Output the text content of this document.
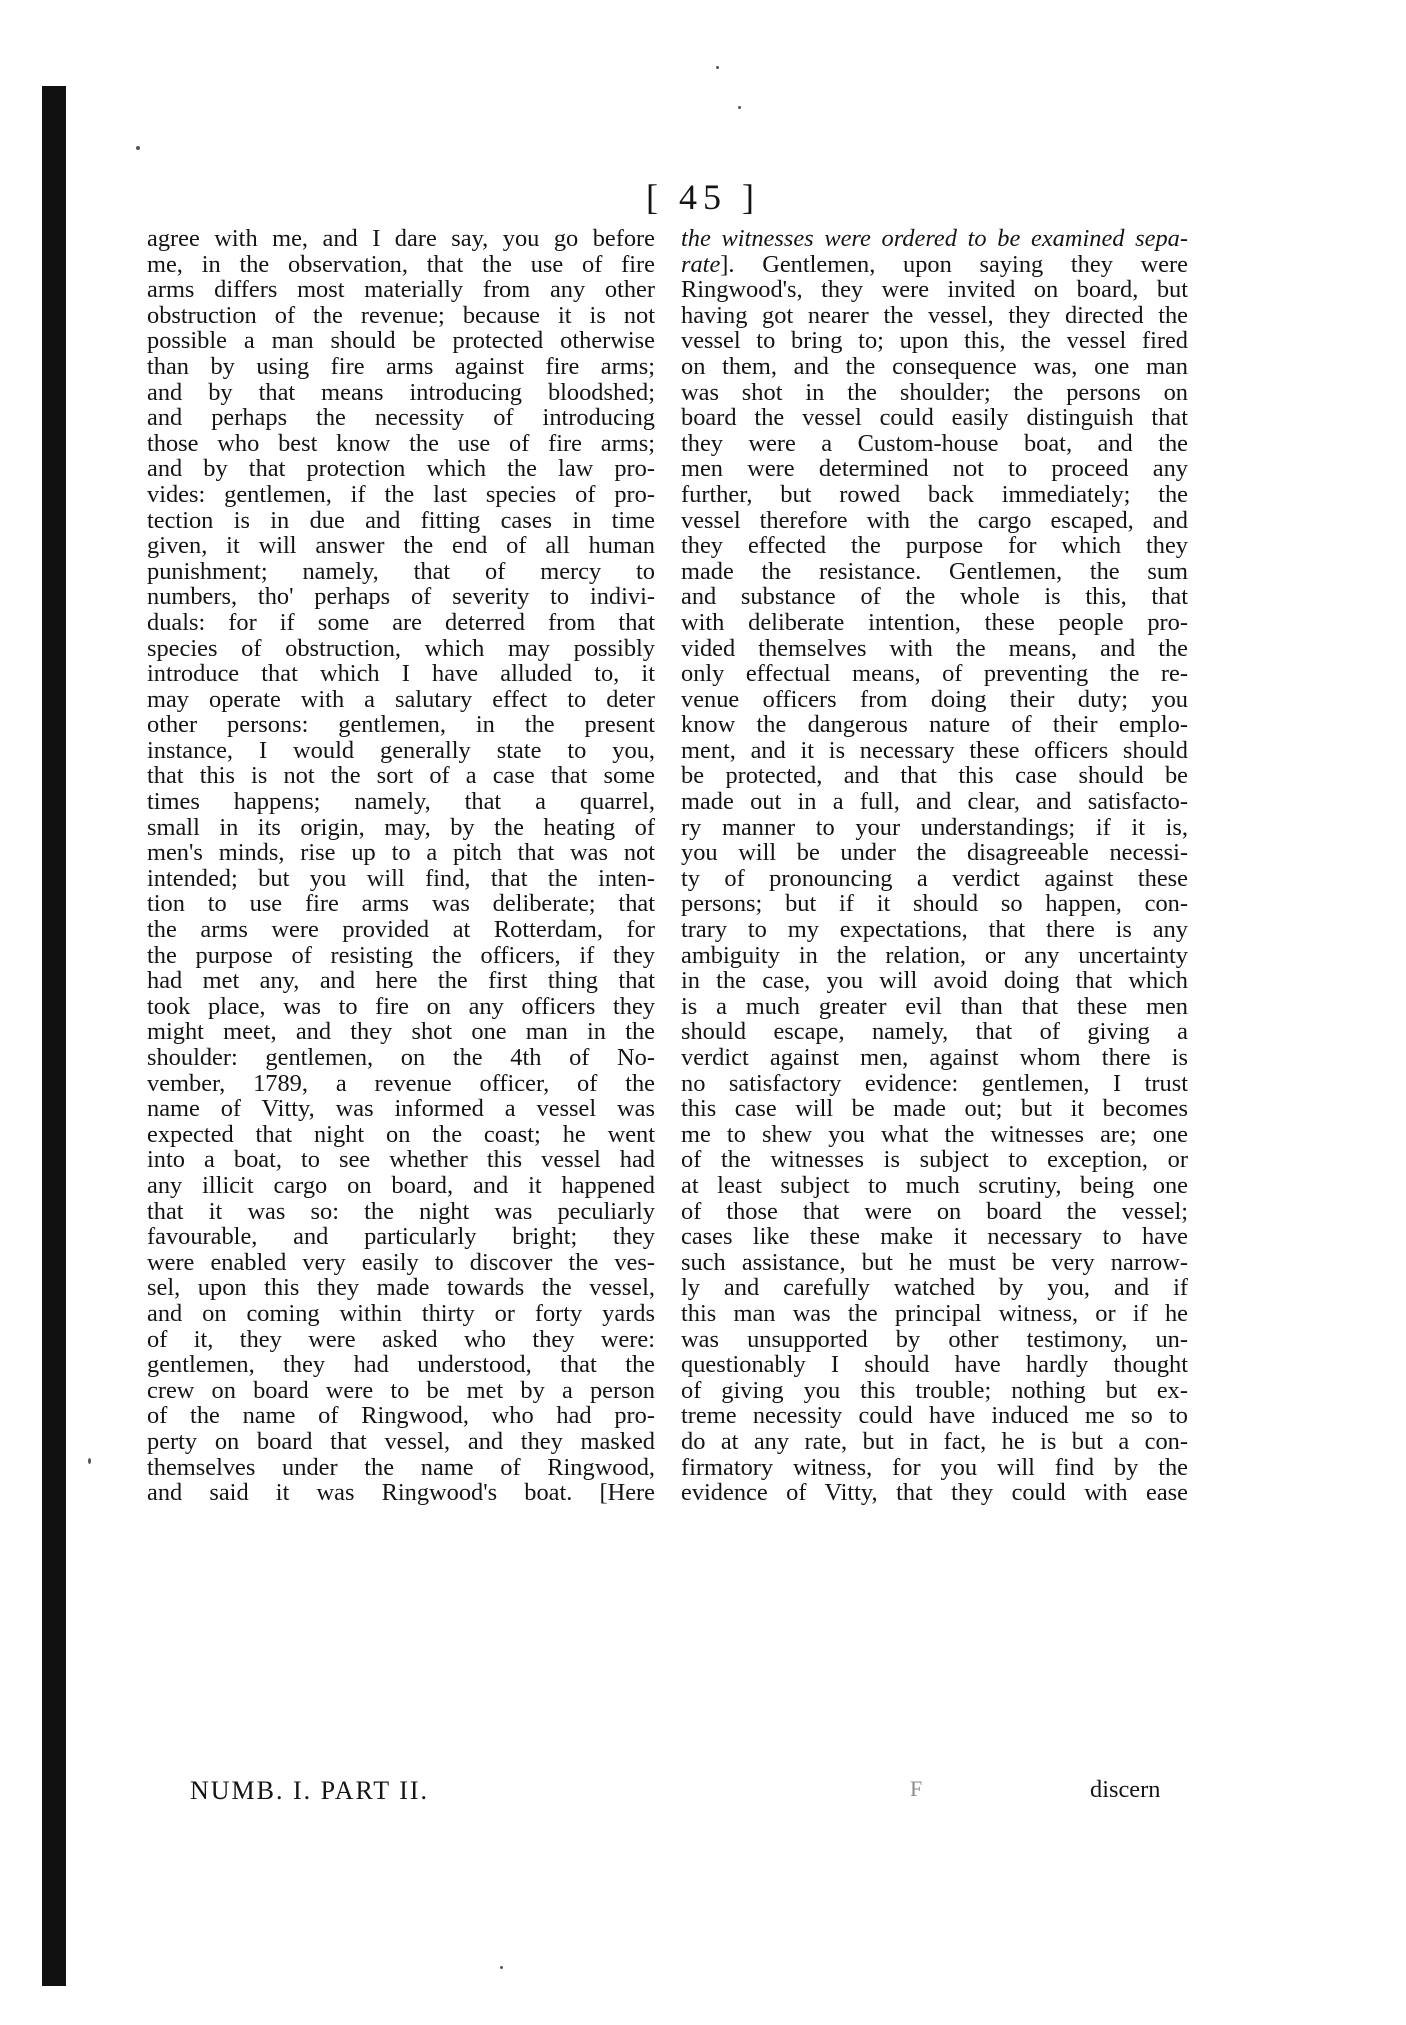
[ 45 ]
agree with me, and I dare say, you go before
me, in the observation, that the use of fire
arms differs most materially from any other
obstruction of the revenue; because it is not
possible a man should be protected otherwise
than by using fire arms against fire arms;
and by that means introducing bloodshed;
and perhaps the necessity of introducing
those who best know the use of fire arms;
and by that protection which the law pro-
vides: gentlemen, if the last species of pro-
tection is in due and fitting cases in time
given, it will answer the end of all human
punishment; namely, that of mercy to
numbers, tho' perhaps of severity to indivi-
duals: for if some are deterred from that
species of obstruction, which may possibly
introduce that which I have alluded to, it
may operate with a salutary effect to deter
other persons: gentlemen, in the present
instance, I would generally state to you,
that this is not the sort of a case that some
times happens; namely, that a quarrel,
small in its origin, may, by the heating of
men's minds, rise up to a pitch that was not
intended; but you will find, that the inten-
tion to use fire arms was deliberate; that
the arms were provided at Rotterdam, for
the purpose of resisting the officers, if they
had met any, and here the first thing that
took place, was to fire on any officers they
might meet, and they shot one man in the
shoulder: gentlemen, on the 4th of No-
vember, 1789, a revenue officer, of the
name of Vitty, was informed a vessel was
expected that night on the coast; he went
into a boat, to see whether this vessel had
any illicit cargo on board, and it happened
that it was so: the night was peculiarly
favourable, and particularly bright; they
were enabled very easily to discover the ves-
sel, upon this they made towards the vessel,
and on coming within thirty or forty yards
of it, they were asked who they were:
gentlemen, they had understood, that the
crew on board were to be met by a person
of the name of Ringwood, who had pro-
perty on board that vessel, and they masked
themselves under the name of Ringwood,
and said it was Ringwood's boat. [Here
the witnesses were ordered to be examined sepa-
rate]. Gentlemen, upon saying they were
Ringwood's, they were invited on board, but
having got nearer the vessel, they directed the
vessel to bring to; upon this, the vessel fired
on them, and the consequence was, one man
was shot in the shoulder; the persons on
board the vessel could easily distinguish that
they were a Custom-house boat, and the
men were determined not to proceed any
further, but rowed back immediately; the
vessel therefore with the cargo escaped, and
they effected the purpose for which they
made the resistance. Gentlemen, the sum
and substance of the whole is this, that
with deliberate intention, these people pro-
vided themselves with the means, and the
only effectual means, of preventing the re-
venue officers from doing their duty; you
know the dangerous nature of their emplo-
ment, and it is necessary these officers should
be protected, and that this case should be
made out in a full, and clear, and satisfacto-
ry manner to your understandings; if it is,
you will be under the disagreeable necessi-
ty of pronouncing a verdict against these
persons; but if it should so happen, con-
trary to my expectations, that there is any
ambiguity in the relation, or any uncertainty
in the case, you will avoid doing that which
is a much greater evil than that these men
should escape, namely, that of giving a
verdict against men, against whom there is
no satisfactory evidence: gentlemen, I trust
this case will be made out; but it becomes
me to shew you what the witnesses are; one
of the witnesses is subject to exception, or
at least subject to much scrutiny, being one
of those that were on board the vessel;
cases like these make it necessary to have
such assistance, but he must be very narrow-
ly and carefully watched by you, and if
this man was the principal witness, or if he
was unsupported by other testimony, un-
questionably I should have hardly thought
of giving you this trouble; nothing but ex-
treme necessity could have induced me so to
do at any rate, but in fact, he is but a con-
firmatory witness, for you will find by the
evidence of Vitty, that they could with ease
NUMB. I. PART II.	F	discern
